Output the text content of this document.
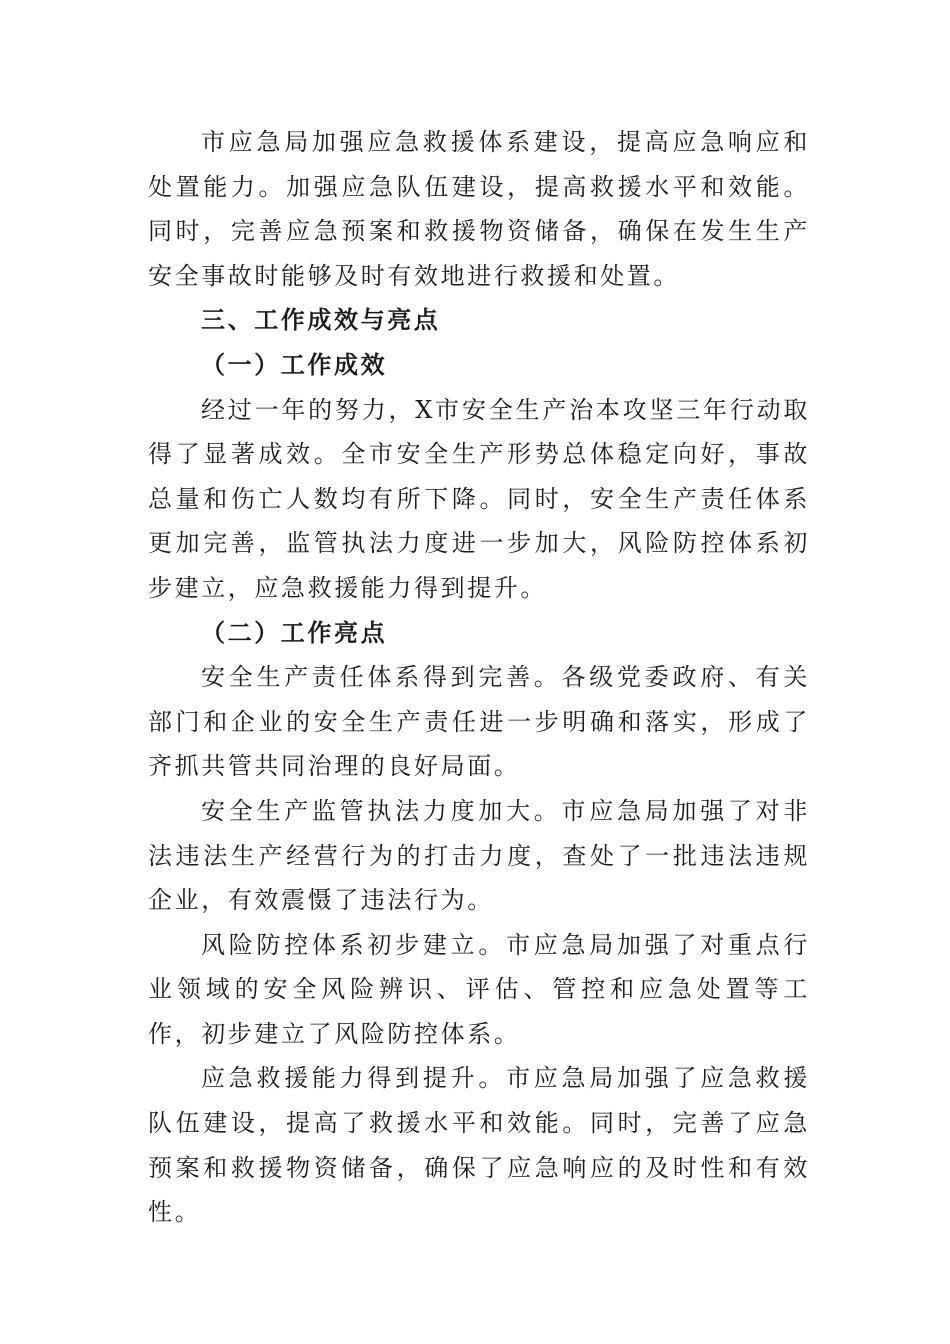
市应急局加强应急救援体系建设，提高应急响应和处置能力。加强应急队伍建设，提高救援水平和效能。同时，完善应急预案和救援物资储备，确保在发生生产安全事故时能够及时有效地进行救援和处置。

三、工作成效与亮点

（一）工作成效

经过一年的努力，X市安全生产治本攻坚三年行动取得了显著成效。全市安全生产形势总体稳定向好，事故总量和伤亡人数均有所下降。同时，安全生产责任体系更加完善，监管执法力度进一步加大，风险防控体系初步建立，应急救援能力得到提升。

（二）工作亮点

安全生产责任体系得到完善。各级党委政府、有关部门和企业的安全生产责任进一步明确和落实，形成了齐抓共管共同治理的良好局面。

安全生产监管执法力度加大。市应急局加强了对非法违法生产经营行为的打击力度，查处了一批违法违规企业，有效震慑了违法行为。

风险防控体系初步建立。市应急局加强了对重点行业领域的安全风险辨识、评估、管控和应急处置等工作，初步建立了风险防控体系。

应急救援能力得到提升。市应急局加强了应急救援队伍建设，提高了救援水平和效能。同时，完善了应急预案和救援物资储备，确保了应急响应的及时性和有效性。
